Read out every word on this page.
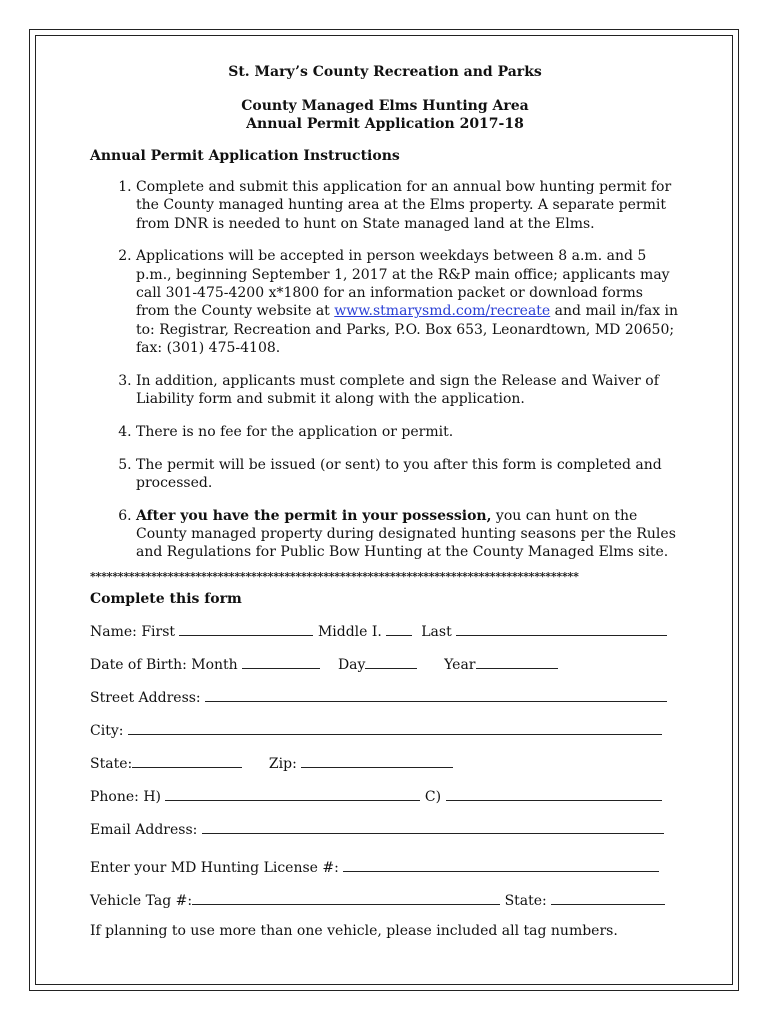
St. Mary’s County Recreation and Parks

County Managed Elms Hunting Area

Annual Permit Application 2017-18

Annual Permit Application Instructions

1. Complete and submit this application for an annual bow hunting permit for the County managed hunting area at the Elms property. A separate permit from DNR is needed to hunt on State managed land at the Elms.
2. Applications will be accepted in person weekdays between 8 a.m. and 5 p.m., beginning September 1, 2017 at the R&P main office; applicants may call 301-475-4200 x*1800 for an information packet or download forms from the County website at www.stmarysmd.com/recreate and mail in/fax in to: Registrar, Recreation and Parks, P.O. Box 653, Leonardtown, MD 20650; fax: (301) 475-4108.
3. In addition, applicants must complete and sign the Release and Waiver of Liability form and submit it along with the application.
4. There is no fee for the application or permit.
5. The permit will be issued (or sent) to you after this form is completed and processed.
6. After you have the permit in your possession, you can hunt on the County managed property during designated hunting seasons per the Rules and Regulations for Public Bow Hunting at the County Managed Elms site.
****************************************************************************************
Complete this form
Name: First	Middle I.	Last
Date of Birth: Month	Day	Year
Street Address:
City:
State:	Zip:
Phone: H)	C)
Email Address:
Enter your MD Hunting License #:
Vehicle Tag #:	State:
If planning to use more than one vehicle, please included all tag numbers.
